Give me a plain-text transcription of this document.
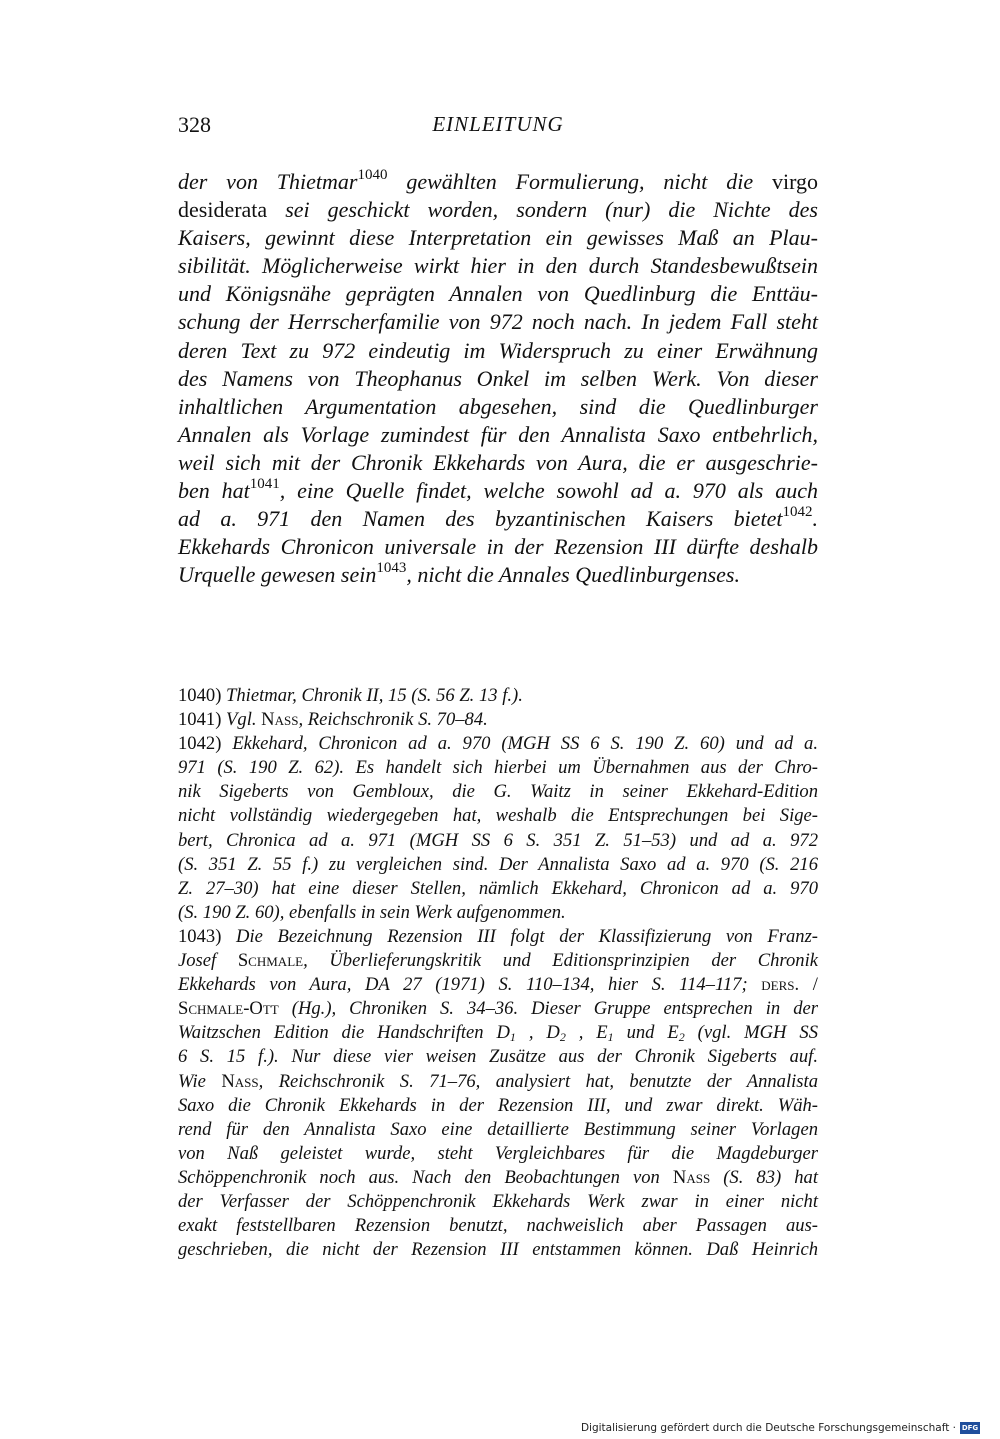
328	EINLEITUNG
der von Thietmar$^{1040}$ gewählten Formulierung, nicht die virgo
desiderata sei geschickt worden, sondern (nur) die Nichte des
Kaisers, gewinnt diese Interpretation ein gewisses Maß an Plau-
sibilität. Möglicherweise wirkt hier in den durch Standesbewußtsein
und Königsnähe geprägten Annalen von Quedlinburg die Enttäu-
schung der Herrscherfamilie von 972 noch nach. In jedem Fall steht
deren Text zu 972 eindeutig im Widerspruch zu einer Erwähnung
des Namens von Theophanus Onkel im selben Werk. Von dieser
inhaltlichen Argumentation abgesehen, sind die Quedlinburger
Annalen als Vorlage zumindest für den Annalista Saxo entbehrlich,
weil sich mit der Chronik Ekkehards von Aura, die er ausgeschrie-
ben hat$^{1041}$, eine Quelle findet, welche sowohl ad a. 970 als auch
ad a. 971 den Namen des byzantinischen Kaisers bietet$^{1042}$.
Ekkehards Chronicon universale in der Rezension III dürfte deshalb
Urquelle gewesen sein$^{1043}$, nicht die Annales Quedlinburgenses.
1040) Thietmar, Chronik II, 15 (S. 56 Z. 13 f.).
1041) Vgl. Nass, Reichschronik S. 70–84.
1042) Ekkehard, Chronicon ad a. 970 (MGH SS 6 S. 190 Z. 60) und ad a.
971 (S. 190 Z. 62). Es handelt sich hierbei um Übernahmen aus der Chro-
nik Sigeberts von Gembloux, die G. Waitz in seiner Ekkehard-Edition
nicht vollständig wiedergegeben hat, weshalb die Entsprechungen bei Sige-
bert, Chronica ad a. 971 (MGH SS 6 S. 351 Z. 51–53) und ad a. 972
(S. 351 Z. 55 f.) zu vergleichen sind. Der Annalista Saxo ad a. 970 (S. 216
Z. 27–30) hat eine dieser Stellen, nämlich Ekkehard, Chronicon ad a. 970
(S. 190 Z. 60), ebenfalls in sein Werk aufgenommen.
1043) Die Bezeichnung Rezension III folgt der Klassifizierung von Franz-
Josef Schmale, Überlieferungskritik und Editionsprinzipien der Chronik
Ekkehards von Aura, DA 27 (1971) S. 110–134, hier S. 114–117; ders. /
Schmale-Ott (Hg.), Chroniken S. 34–36. Dieser Gruppe entsprechen in der
Waitzschen Edition die Handschriften $D_1$ , $D_2$ , $E_1$ und $E_2$ (vgl. MGH SS
6 S. 15 f.). Nur diese vier weisen Zusätze aus der Chronik Sigeberts auf.
Wie Nass, Reichschronik S. 71–76, analysiert hat, benutzte der Annalista
Saxo die Chronik Ekkehards in der Rezension III, und zwar direkt. Wäh-
rend für den Annalista Saxo eine detaillierte Bestimmung seiner Vorlagen
von Naß geleistet wurde, steht Vergleichbares für die Magdeburger
Schöppenchronik noch aus. Nach den Beobachtungen von Nass (S. 83) hat
der Verfasser der Schöppenchronik Ekkehards Werk zwar in einer nicht
exakt feststellbaren Rezension benutzt, nachweislich aber Passagen aus-
geschrieben, die nicht der Rezension III entstammen können. Daß Heinrich
Digitalisierung gefördert durch die Deutsche Forschungsgemeinschaft · DFG
